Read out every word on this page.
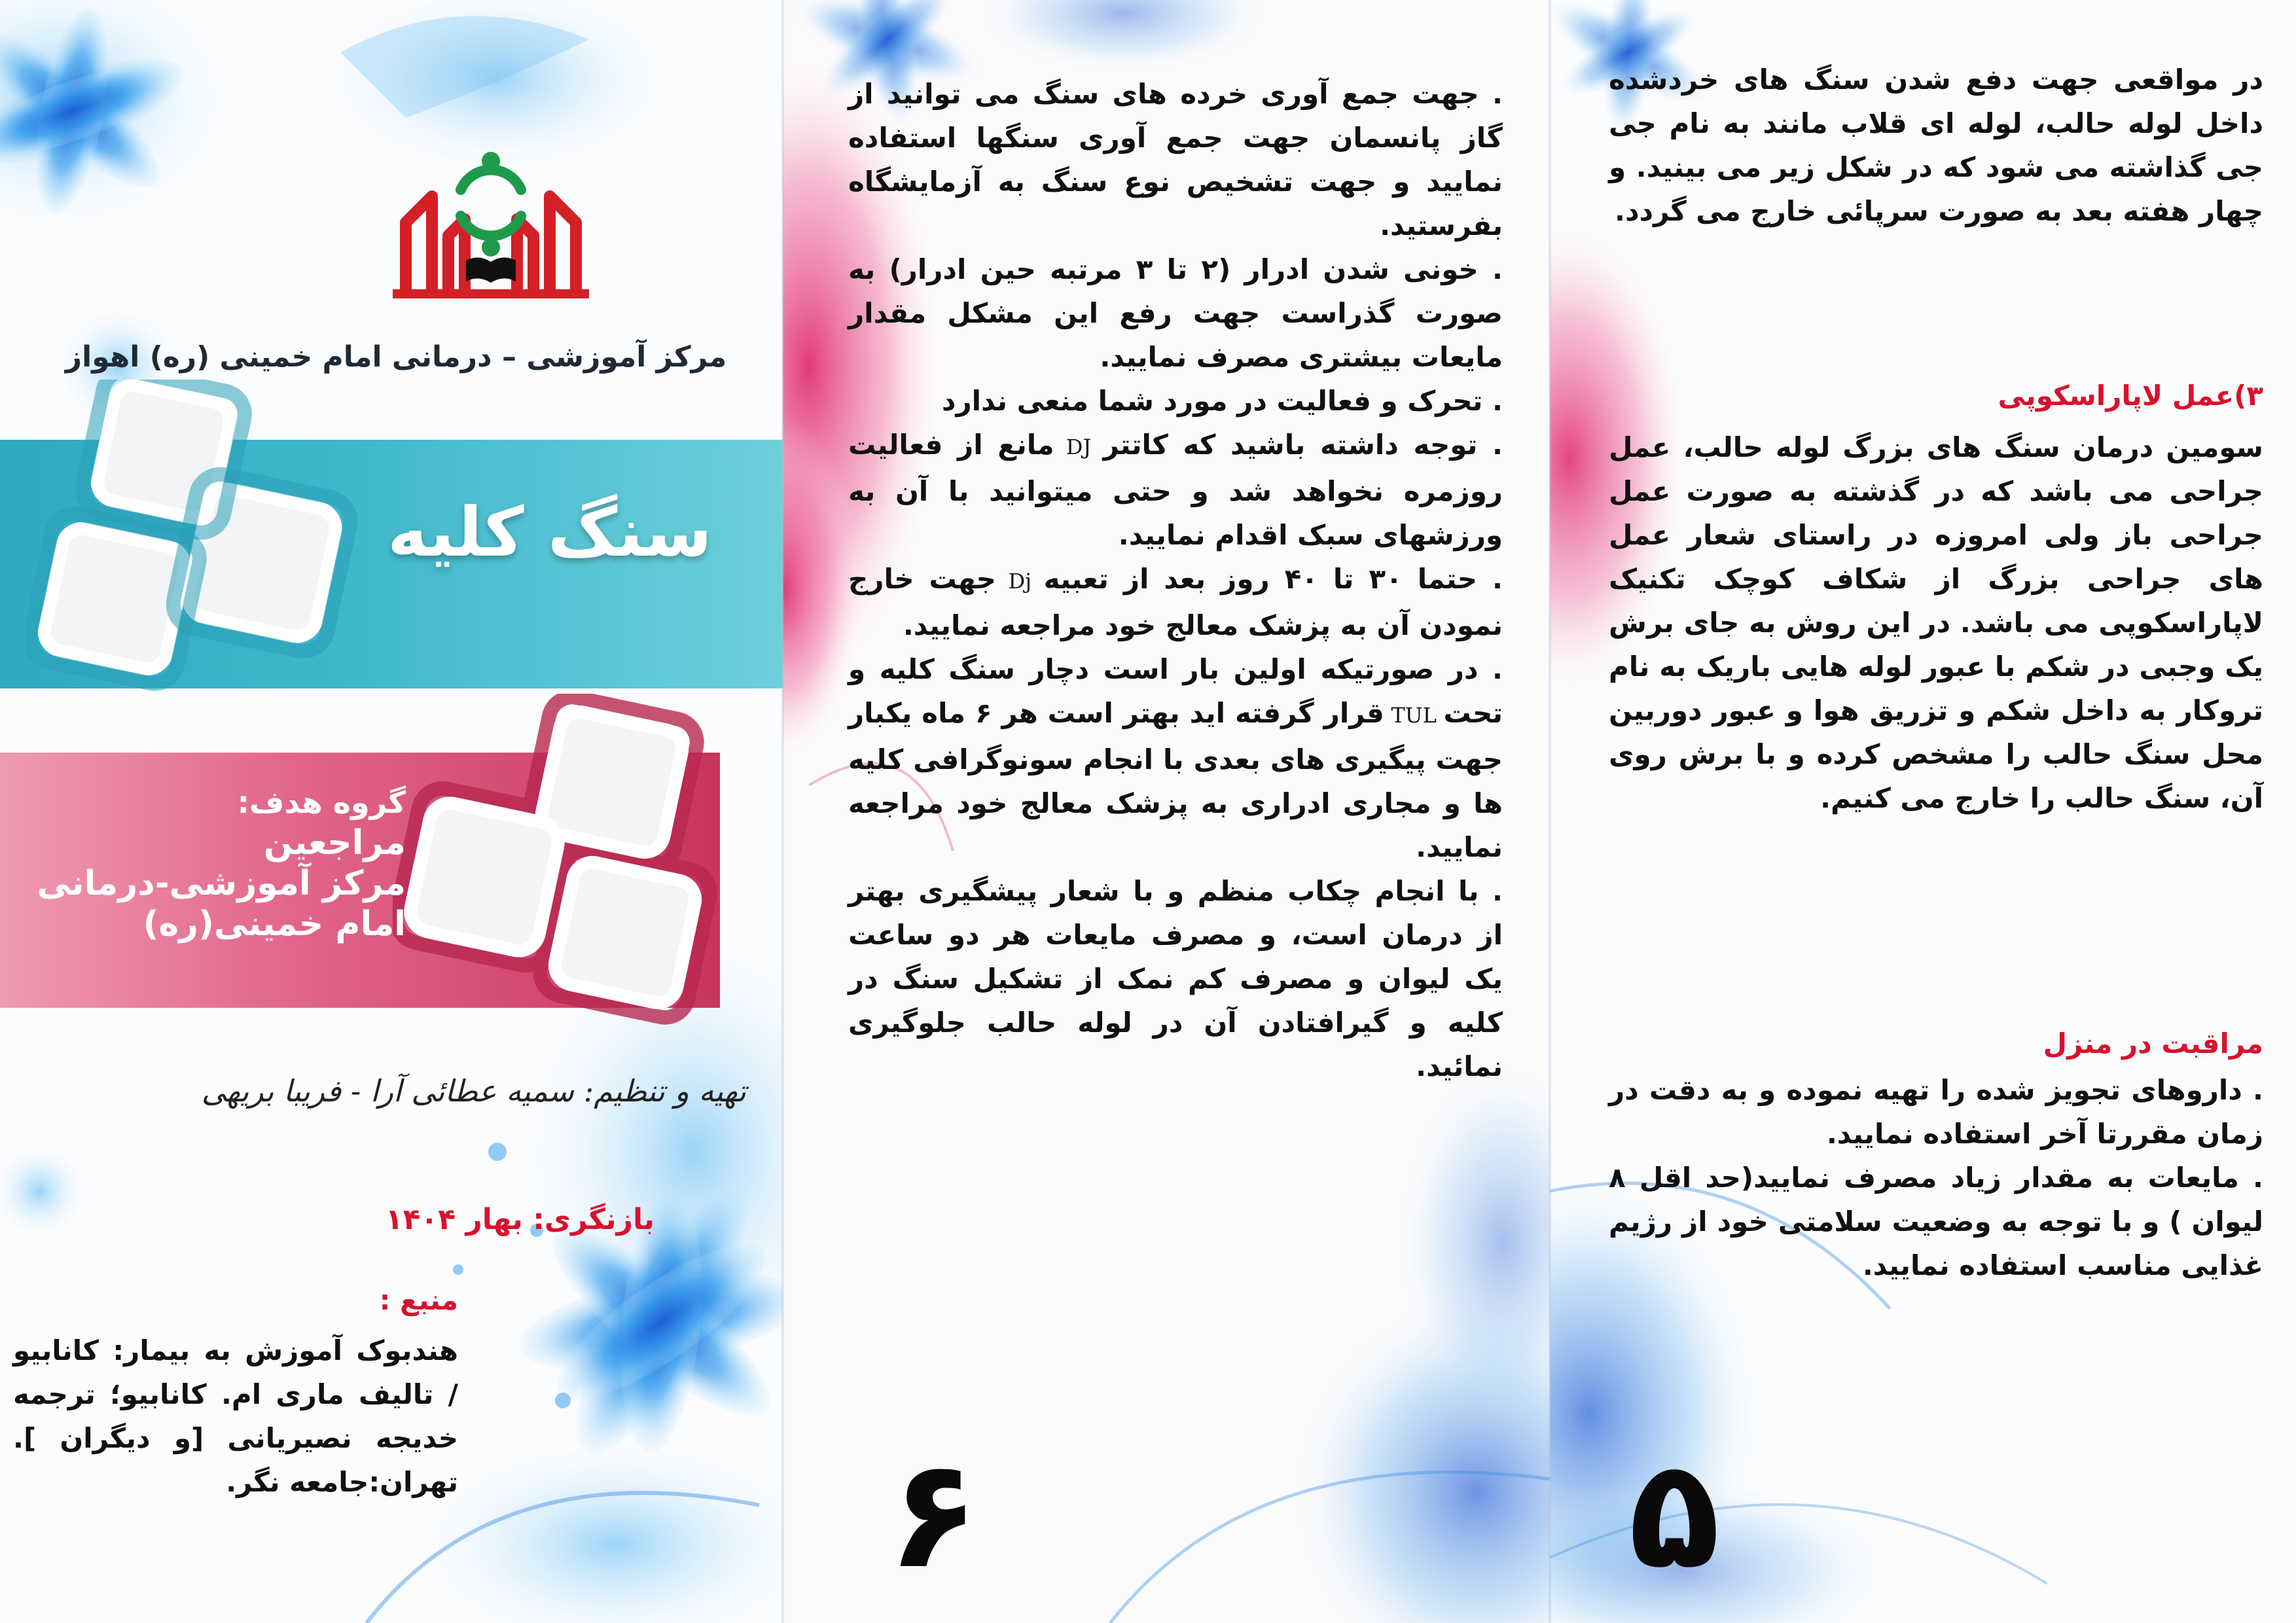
مرکز آموزشی – درمانی امام خمینی (ره) اهواز
سنگ کلیه
گروه هدف:
مراجعین
مرکز آموزشی-درمانی
امام خمینی(ره)
تهیه و تنظیم: سمیه عطائی آرا - فریبا بریهی
بازنگری: بهار ۱۴۰۴
منبع :

هندبوک آموزش به بیمار: کانابیو / تالیف ماری ام. کانابیو؛ ترجمه خدیجه نصیریانی [و دیگران ]. تهران:جامعه نگر.

. جهت جمع آوری خرده های سنگ می توانید از گاز پانسمان جهت جمع آوری سنگها استفاده نمایید و جهت تشخیص نوع سنگ به آزمایشگاه بفرستید.

. خونی شدن ادرار (۲ تا ۳ مرتبه حین ادرار) به صورت گذراست جهت رفع این مشکل مقدار مایعات بیشتری مصرف نمایید.

. تحرک و فعالیت در مورد شما منعی ندارد

. توجه داشته باشید که کاتتر DJ مانع از فعالیت روزمره نخواهد شد و حتی میتوانید با آن به ورزشهای سبک اقدام نمایید.

. حتما ۳۰ تا ۴۰ روز بعد از تعبیه Dj جهت خارج نمودن آن به پزشک معالج خود مراجعه نمایید.

. در صورتیکه اولین بار است دچار سنگ کلیه و تحت TUL قرار گرفته اید بهتر است هر ۶ ماه یکبار جهت پیگیری های بعدی با انجام سونوگرافی کلیه ها و مجاری ادراری به پزشک معالج خود مراجعه نمایید.

. با انجام چکاب منظم و با شعار پیشگیری بهتر از درمان است، و مصرف مایعات هر دو ساعت یک لیوان و مصرف کم نمک از تشکیل سنگ در کلیه و گیرافتادن آن در لوله حالب جلوگیری نمائید.

۶

در مواقعی جهت دفع شدن سنگ های خردشده داخل لوله حالب، لوله ای قلاب مانند به نام جی جی گذاشته می شود که در شکل زیر می بینید. و چهار هفته بعد به صورت سرپائی خارج می گردد.

۳)عمل لاپاراسکوپی

سومین درمان سنگ های بزرگ لوله حالب، عمل جراحی می باشد که در گذشته به صورت عمل جراحی باز ولی امروزه در راستای شعار عمل های جراحی بزرگ از شکاف کوچک تکنیک لاپاراسکوپی می باشد. در این روش به جای برش یک وجبی در شکم با عبور لوله هایی باریک به نام تروکار به داخل شکم و تزریق هوا و عبور دوربین محل سنگ حالب را مشخص کرده و با برش روی آن، سنگ حالب را خارج می کنیم.

مراقبت در منزل

. داروهای تجویز شده را تهیه نموده و به دقت در زمان مقررتا آخر استفاده نمایید.

. مایعات به مقدار زیاد مصرف نمایید(حد اقل ۸ لیوان ) و با توجه به وضعیت سلامتی خود از رژیم غذایی مناسب استفاده نمایید.

۵
